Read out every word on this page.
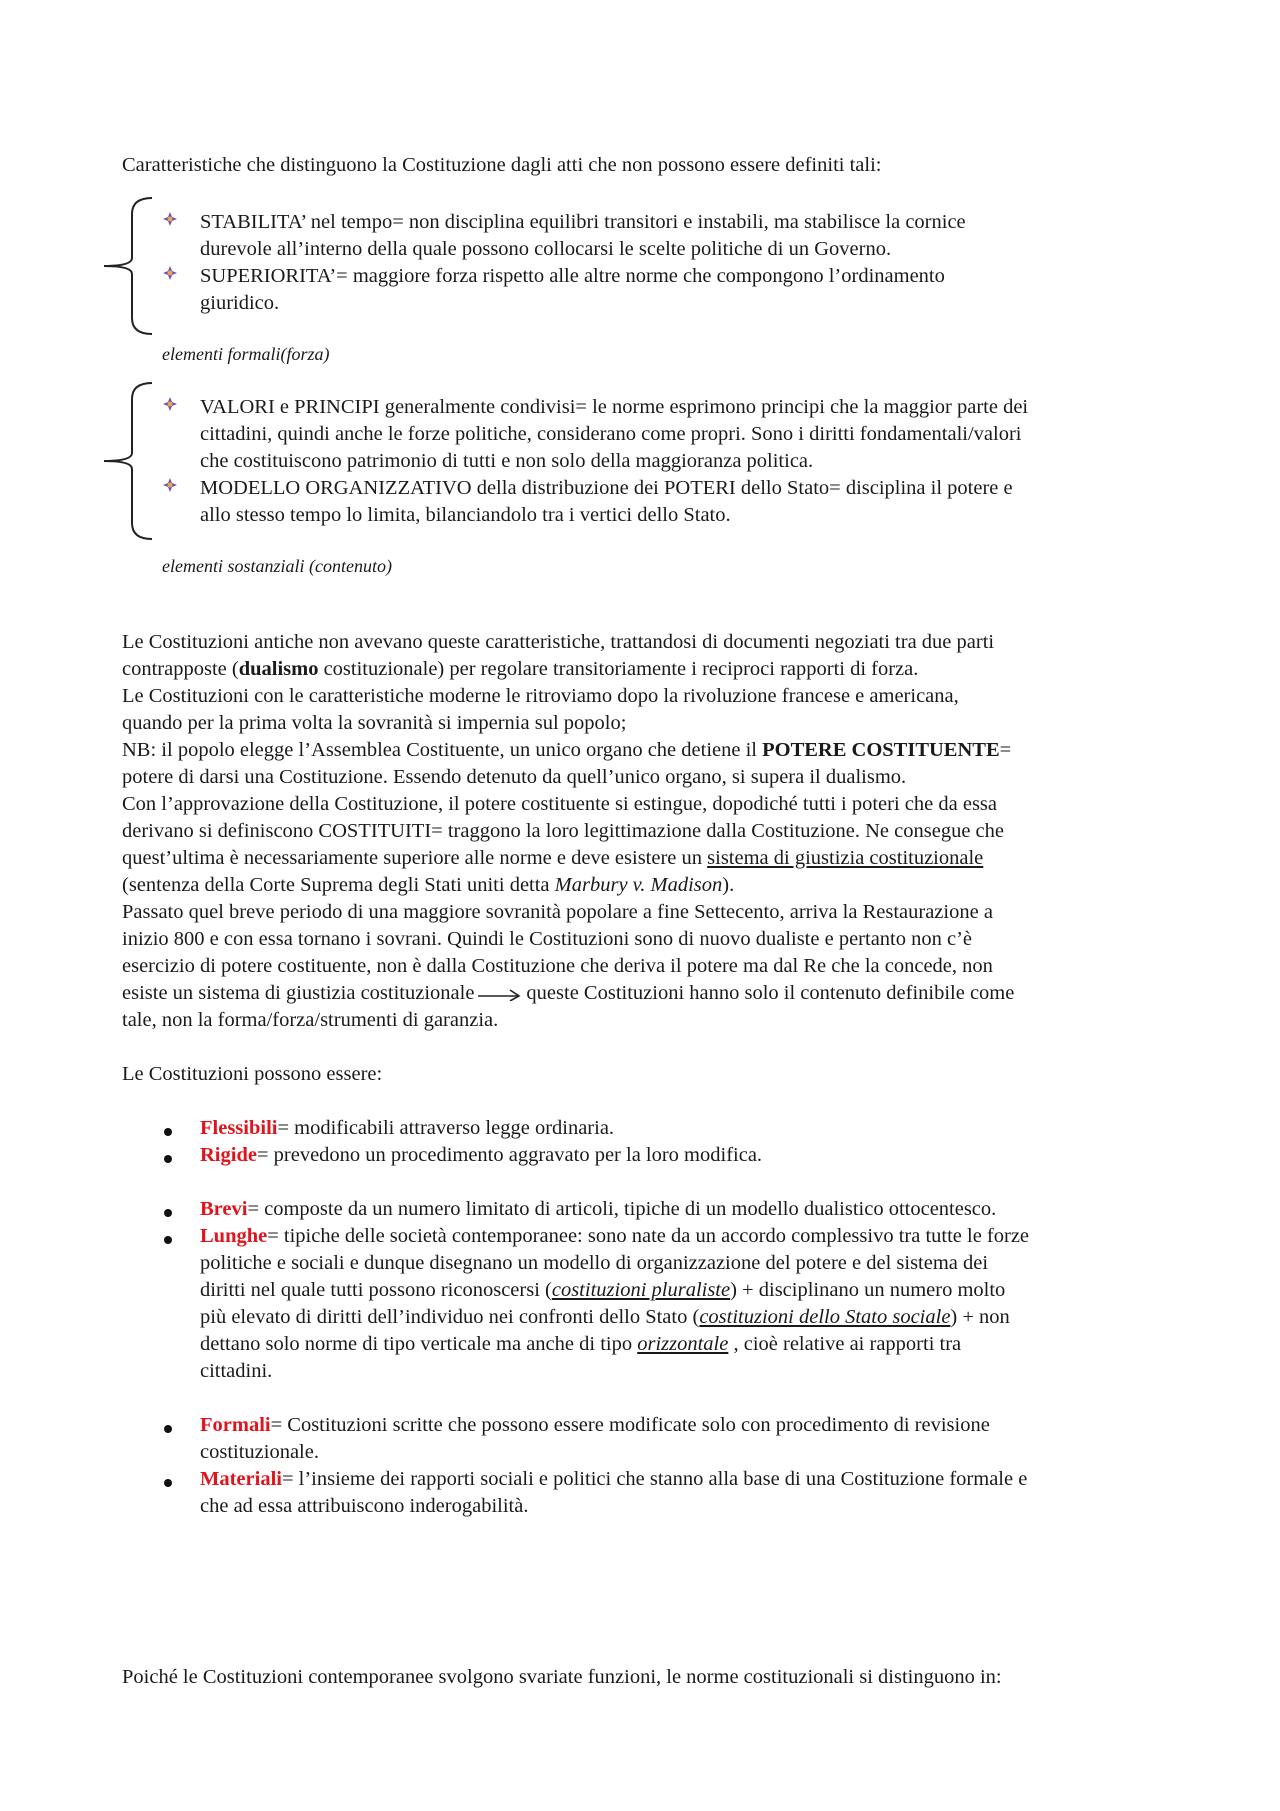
Caratteristiche che distinguono la Costituzione dagli atti che non possono essere definiti tali:
STABILITA’ nel tempo= non disciplina equilibri transitori e instabili, ma stabilisce la cornice
durevole all’interno della quale possono collocarsi le scelte politiche di un Governo.
SUPERIORITA’= maggiore forza rispetto alle altre norme che compongono l’ordinamento
giuridico.
elementi formali(forza)
VALORI e PRINCIPI generalmente condivisi= le norme esprimono principi che la maggior parte dei
cittadini, quindi anche le forze politiche, considerano come propri. Sono i diritti fondamentali/valori
che costituiscono patrimonio di tutti e non solo della maggioranza politica.
MODELLO ORGANIZZATIVO della distribuzione dei POTERI dello Stato= disciplina il potere e
allo stesso tempo lo limita, bilanciandolo tra i vertici dello Stato.
elementi sostanziali (contenuto)
Le Costituzioni antiche non avevano queste caratteristiche, trattandosi di documenti negoziati tra due parti
contrapposte (dualismo costituzionale) per regolare transitoriamente i reciproci rapporti di forza.
Le Costituzioni con le caratteristiche moderne le ritroviamo dopo la rivoluzione francese e americana,
quando per la prima volta la sovranità si impernia sul popolo;
NB: il popolo elegge l’Assemblea Costituente, un unico organo che detiene il POTERE COSTITUENTE=
potere di darsi una Costituzione. Essendo detenuto da quell’unico organo, si supera il dualismo.
Con l’approvazione della Costituzione, il potere costituente si estingue, dopodiché tutti i poteri che da essa
derivano si definiscono COSTITUITI= traggono la loro legittimazione dalla Costituzione. Ne consegue che
quest’ultima è necessariamente superiore alle norme e deve esistere un sistema di giustizia costituzionale
(sentenza della Corte Suprema degli Stati uniti detta Marbury v. Madison).
Passato quel breve periodo di una maggiore sovranità popolare a fine Settecento, arriva la Restaurazione a
inizio 800 e con essa tornano i sovrani. Quindi le Costituzioni sono di nuovo dualiste e pertanto non c’è
esercizio di potere costituente, non è dalla Costituzione che deriva il potere ma dal Re che la concede, non
esiste un sistema di giustizia costituzionale	queste Costituzioni hanno solo il contenuto definibile come
tale, non la forma/forza/strumenti di garanzia.
Le Costituzioni possono essere:
Flessibili= modificabili attraverso legge ordinaria.
Rigide= prevedono un procedimento aggravato per la loro modifica.
Brevi= composte da un numero limitato di articoli, tipiche di un modello dualistico ottocentesco.
Lunghe= tipiche delle società contemporanee: sono nate da un accordo complessivo tra tutte le forze
politiche e sociali e dunque disegnano un modello di organizzazione del potere e del sistema dei
diritti nel quale tutti possono riconoscersi (costituzioni pluraliste) + disciplinano un numero molto
più elevato di diritti dell’individuo nei confronti dello Stato (costituzioni dello Stato sociale) + non
dettano solo norme di tipo verticale ma anche di tipo orizzontale , cioè relative ai rapporti tra
cittadini.
Formali= Costituzioni scritte che possono essere modificate solo con procedimento di revisione
costituzionale.
Materiali= l’insieme dei rapporti sociali e politici che stanno alla base di una Costituzione formale e
che ad essa attribuiscono inderogabilità.
Poiché le Costituzioni contemporanee svolgono svariate funzioni, le norme costituzionali si distinguono in:
